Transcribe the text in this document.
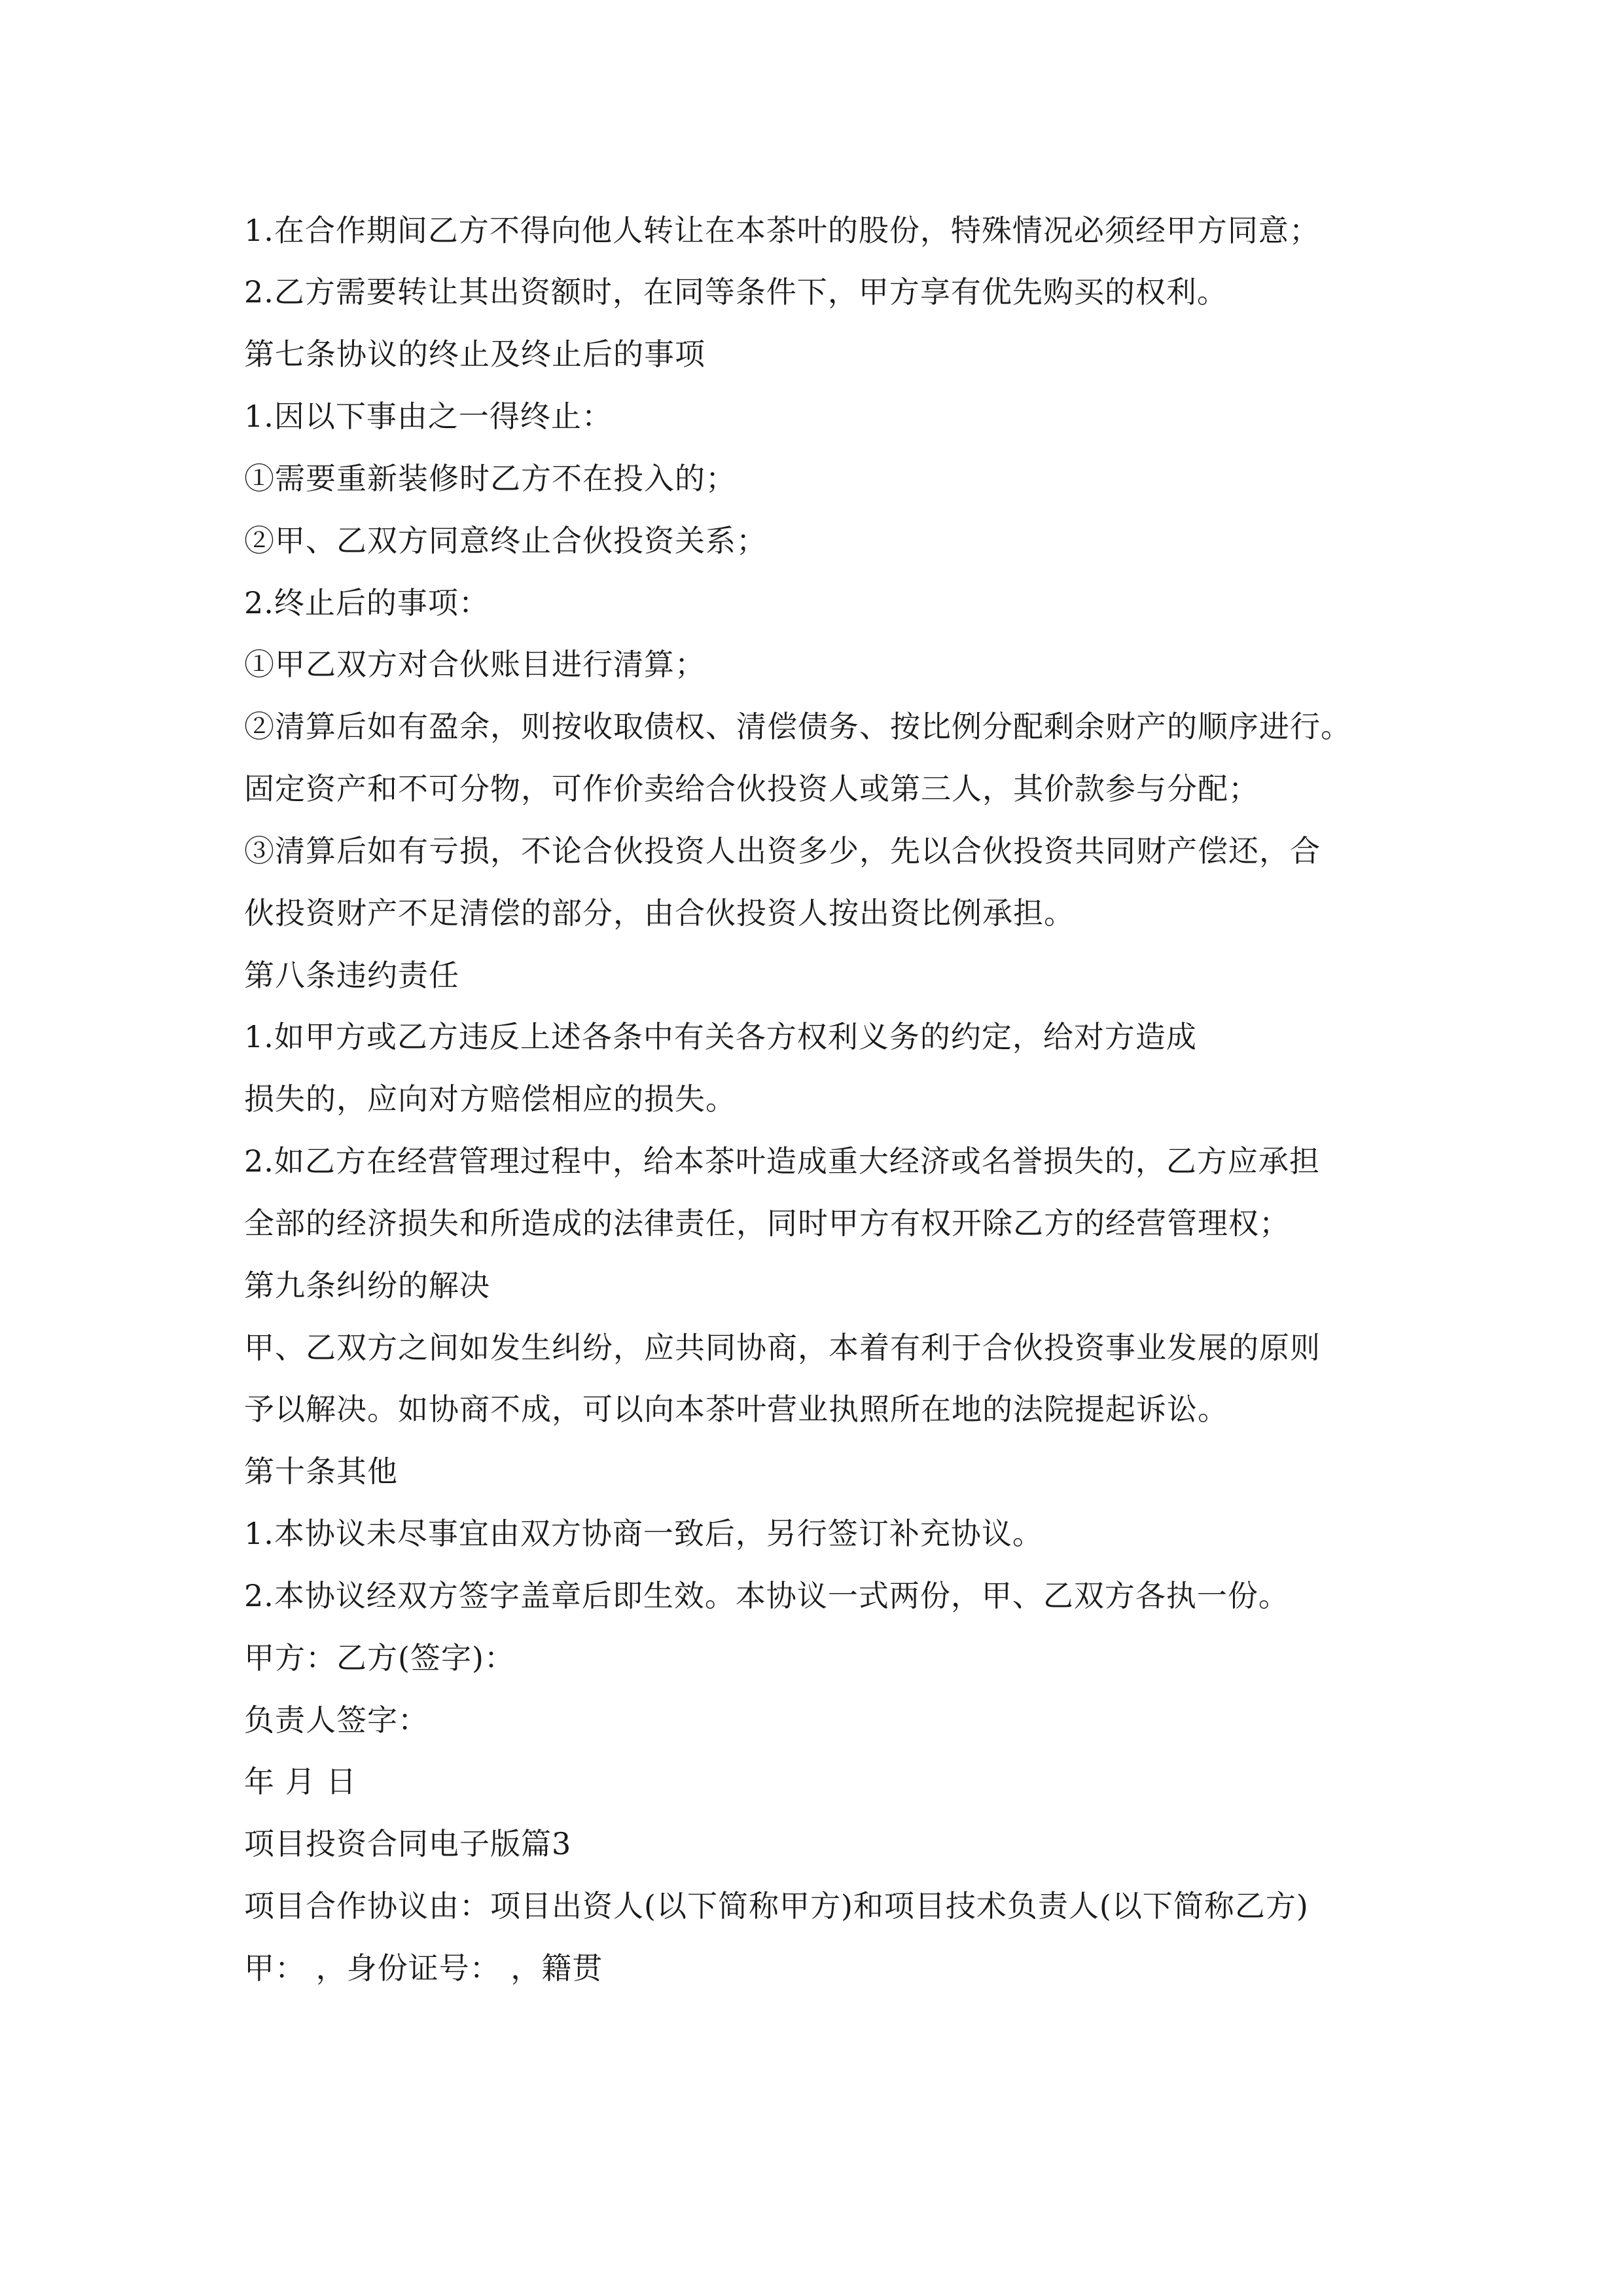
1.在合作期间乙方不得向他人转让在本茶叶的股份，特殊情况必须经甲方同意；
2.乙方需要转让其出资额时，在同等条件下，甲方享有优先购买的权利。
第七条协议的终止及终止后的事项
1.因以下事由之一得终止：
①需要重新装修时乙方不在投入的；
②甲、乙双方同意终止合伙投资关系；
2.终止后的事项：
①甲乙双方对合伙账目进行清算；
②清算后如有盈余，则按收取债权、清偿债务、按比例分配剩余财产的顺序进行。
固定资产和不可分物，可作价卖给合伙投资人或第三人，其价款参与分配；
③清算后如有亏损，不论合伙投资人出资多少，先以合伙投资共同财产偿还，合
伙投资财产不足清偿的部分，由合伙投资人按出资比例承担。
第八条违约责任
1.如甲方或乙方违反上述各条中有关各方权利义务的约定，给对方造成
损失的，应向对方赔偿相应的损失。
2.如乙方在经营管理过程中，给本茶叶造成重大经济或名誉损失的，乙方应承担
全部的经济损失和所造成的法律责任，同时甲方有权开除乙方的经营管理权；
第九条纠纷的解决
甲、乙双方之间如发生纠纷，应共同协商，本着有利于合伙投资事业发展的原则
予以解决。如协商不成，可以向本茶叶营业执照所在地的法院提起诉讼。
第十条其他
1.本协议未尽事宜由双方协商一致后，另行签订补充协议。
2.本协议经双方签字盖章后即生效。本协议一式两份，甲、乙双方各执一份。
甲方：乙方(签字)：
负责人签字：
年 月 日
项目投资合同电子版篇3
项目合作协议由：项目出资人(以下简称甲方)和项目技术负责人(以下简称乙方)
甲： ，身份证号： ，籍贯
